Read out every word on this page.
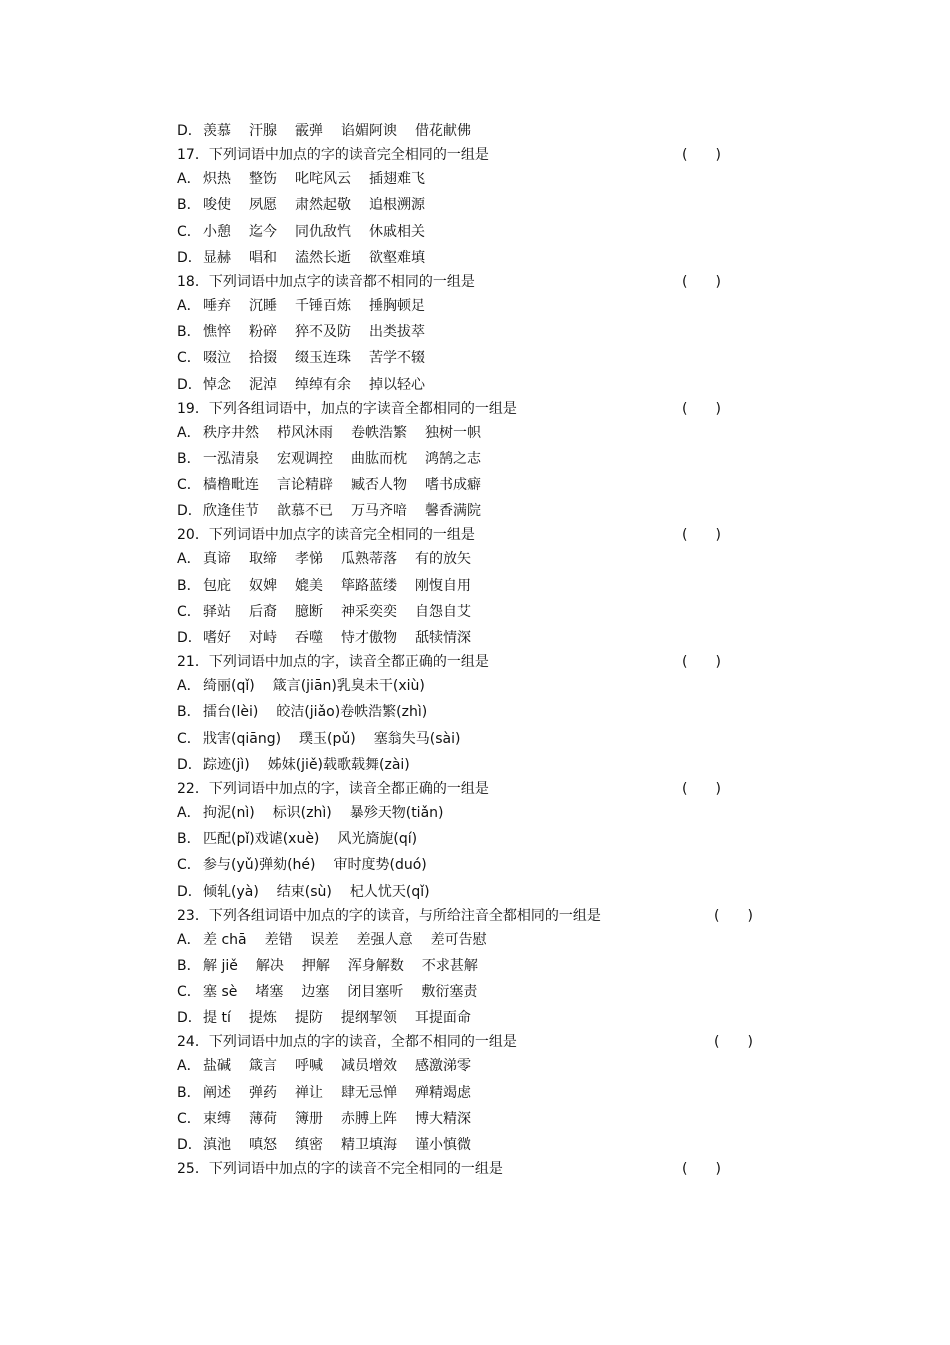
D．羡慕 汗腺 霰弹 谄媚阿谀 借花献佛
17．下列词语中加点的字的读音完全相同的一组是	(　　)
A． 炽热 整饬 叱咤风云 插翅难飞
B． 唆使 夙愿 肃然起敬 追根溯源
C． 小憩 迄今 同仇敌忾 休戚相关
D．显赫 唱和 溘然长逝 欲壑难填
18．下列词语中加点字的读音都不相同的一组是	(　　)
A． 唾弃 沉睡 千锤百炼 捶胸顿足
B． 憔悴 粉碎 猝不及防 出类拔萃
C． 啜泣 拾掇 缀玉连珠 苦学不辍
D．悼念 泥淖 绰绰有余 掉以轻心
19．下列各组词语中，加点的字读音全都相同的一组是	(　　)
A． 秩序井然 栉风沐雨 卷帙浩繁 独树一帜
B． 一泓清泉 宏观调控 曲肱而枕 鸿鹄之志
C． 樯橹毗连 言论精辟 臧否人物 嗜书成癖
D．欣逢佳节 歆慕不已 万马齐喑 馨香满院
20．下列词语中加点字的读音完全相同的一组是	(　　)
A． 真谛 取缔 孝悌 瓜熟蒂落 有的放矢
B． 包庇 奴婢 媲美 筚路蓝缕 刚愎自用
C． 驿站 后裔 臆断 神采奕奕 自怨自艾
D．嗜好 对峙 吞噬 恃才傲物 舐犊情深
21．下列词语中加点的字，读音全都正确的一组是	(　　)
A． 绮丽(qǐ) 箴言(jiān)乳臭未干(xiù)
B． 擂台(lèi) 皎洁(jiǎo)卷帙浩繁(zhì)
C． 戕害(qiāng) 璞玉(pǔ) 塞翁失马(sài)
D．踪迹(jì) 姊妹(jiě)载歌载舞(zài)
22．下列词语中加点的字，读音全都正确的一组是	(　　)
A． 拘泥(nì) 标识(zhì) 暴殄天物(tiǎn)
B． 匹配(pǐ)戏谑(xuè) 风光旖旎(qí)
C． 参与(yǔ)弹劾(hé) 审时度势(duó)
D．倾轧(yà) 结束(sù) 杞人忧天(qǐ)
23．下列各组词语中加点的字的读音，与所给注音全都相同的一组是	(　　)
A． 差 chā 差错 误差 差强人意 差可告慰
B． 解 jiě 解决 押解 浑身解数 不求甚解
C． 塞 sè 堵塞 边塞 闭目塞听 敷衍塞责
D．提 tí 提炼 提防 提纲挈领 耳提面命
24．下列词语中加点的字的读音，全都不相同的一组是	(　　)
A． 盐碱 箴言 呼喊 减员增效 感激涕零
B． 阐述 弹药 禅让 肆无忌惮 殚精竭虑
C． 束缚 薄荷 簿册 赤膊上阵 博大精深
D．滇池 嗔怒 缜密 精卫填海 谨小慎微
25．下列词语中加点的字的读音不完全相同的一组是	(　　)
